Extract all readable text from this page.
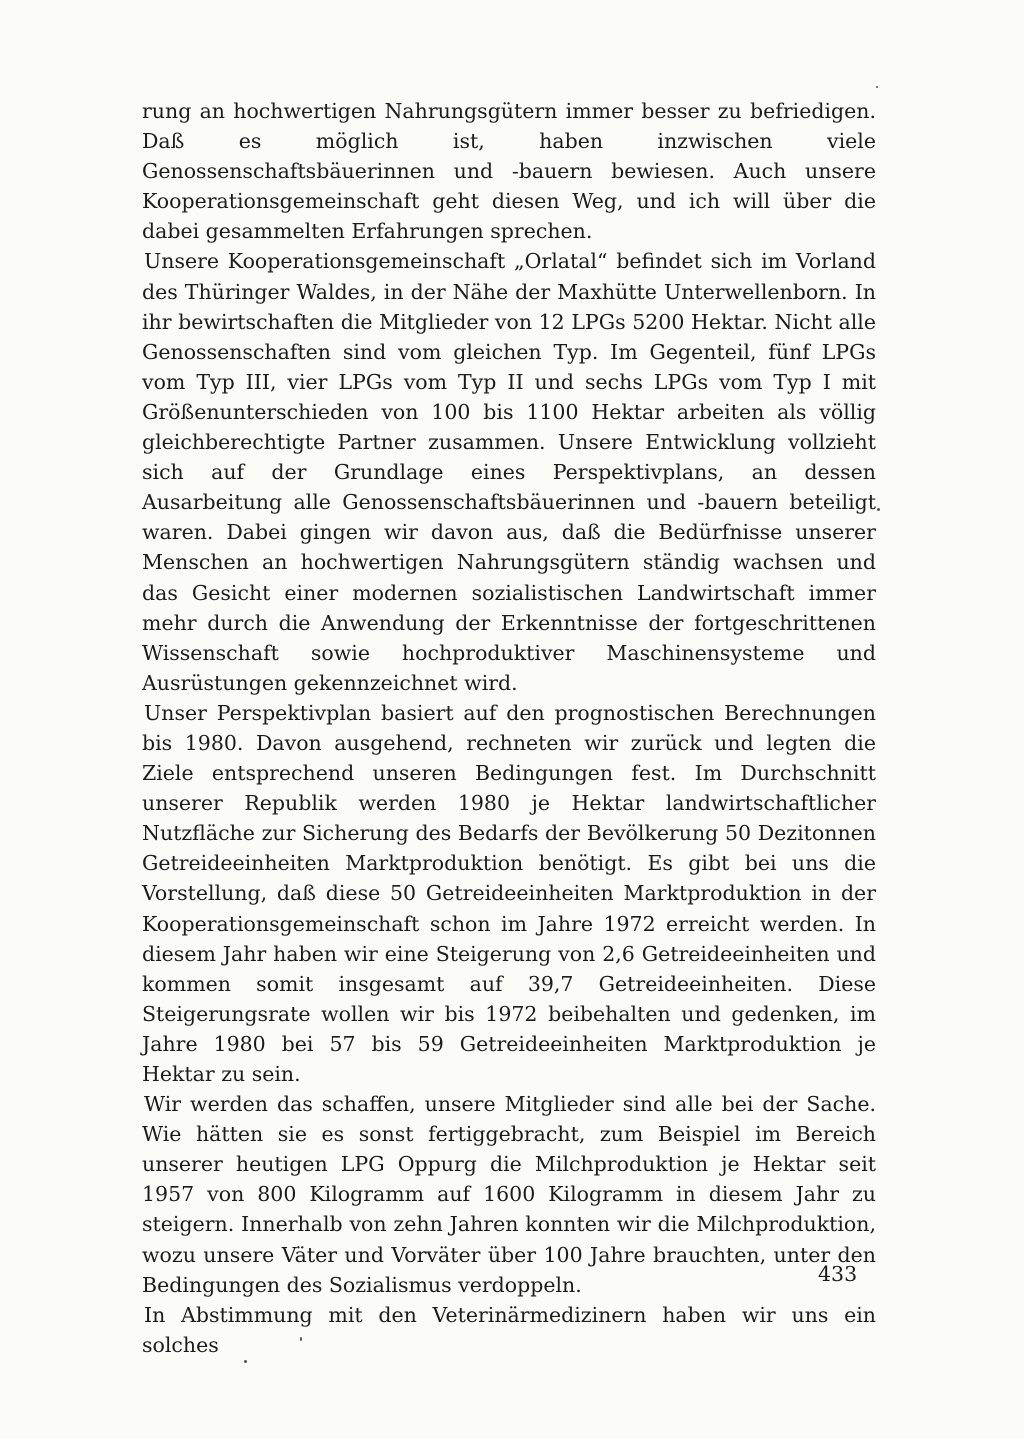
rung an hochwertigen Nahrungsgütern immer besser zu befriedigen. Daß es möglich ist, haben inzwischen viele Genossenschaftsbäuerinnen und -bauern bewiesen. Auch unsere Kooperationsgemeinschaft geht diesen Weg, und ich will über die dabei gesammelten Erfahrungen sprechen.

Unsere Kooperationsgemeinschaft „Orlatal“ befindet sich im Vorland des Thüringer Waldes, in der Nähe der Maxhütte Unterwellenborn. In ihr bewirtschaften die Mitglieder von 12 LPGs 5200 Hektar. Nicht alle Genossenschaften sind vom gleichen Typ. Im Gegenteil, fünf LPGs vom Typ III, vier LPGs vom Typ II und sechs LPGs vom Typ I mit Größenunterschieden von 100 bis 1100 Hektar arbeiten als völlig gleichberechtigte Partner zusammen. Unsere Entwicklung vollzieht sich auf der Grundlage eines Perspektivplans, an dessen Ausarbeitung alle Genossenschaftsbäuerinnen und -bauern beteiligt waren. Dabei gingen wir davon aus, daß die Bedürfnisse unserer Menschen an hochwertigen Nahrungsgütern ständig wachsen und das Gesicht einer modernen sozialistischen Landwirtschaft immer mehr durch die Anwendung der Erkenntnisse der fortgeschrittenen Wissenschaft sowie hochproduktiver Maschinensysteme und Ausrüstungen gekennzeichnet wird.

Unser Perspektivplan basiert auf den prognostischen Berechnungen bis 1980. Davon ausgehend, rechneten wir zurück und legten die Ziele entsprechend unseren Bedingungen fest. Im Durchschnitt unserer Republik werden 1980 je Hektar landwirtschaftlicher Nutzfläche zur Sicherung des Bedarfs der Bevölkerung 50 Dezitonnen Getreideeinheiten Marktproduktion benötigt. Es gibt bei uns die Vorstellung, daß diese 50 Getreideeinheiten Marktproduktion in der Kooperationsgemeinschaft schon im Jahre 1972 erreicht werden. In diesem Jahr haben wir eine Steigerung von 2,6 Getreideeinheiten und kommen somit insgesamt auf 39,7 Getreideeinheiten. Diese Steigerungsrate wollen wir bis 1972 beibehalten und gedenken, im Jahre 1980 bei 57 bis 59 Getreideeinheiten Marktproduktion je Hektar zu sein.

Wir werden das schaffen, unsere Mitglieder sind alle bei der Sache. Wie hätten sie es sonst fertiggebracht, zum Beispiel im Bereich unserer heutigen LPG Oppurg die Milchproduktion je Hektar seit 1957 von 800 Kilogramm auf 1600 Kilogramm in diesem Jahr zu steigern. Innerhalb von zehn Jahren konnten wir die Milchproduktion, wozu unsere Väter und Vorväter über 100 Jahre brauchten, unter den Bedingungen des Sozialismus verdoppeln.

In Abstimmung mit den Veterinärmedizinern haben wir uns ein solches

433
